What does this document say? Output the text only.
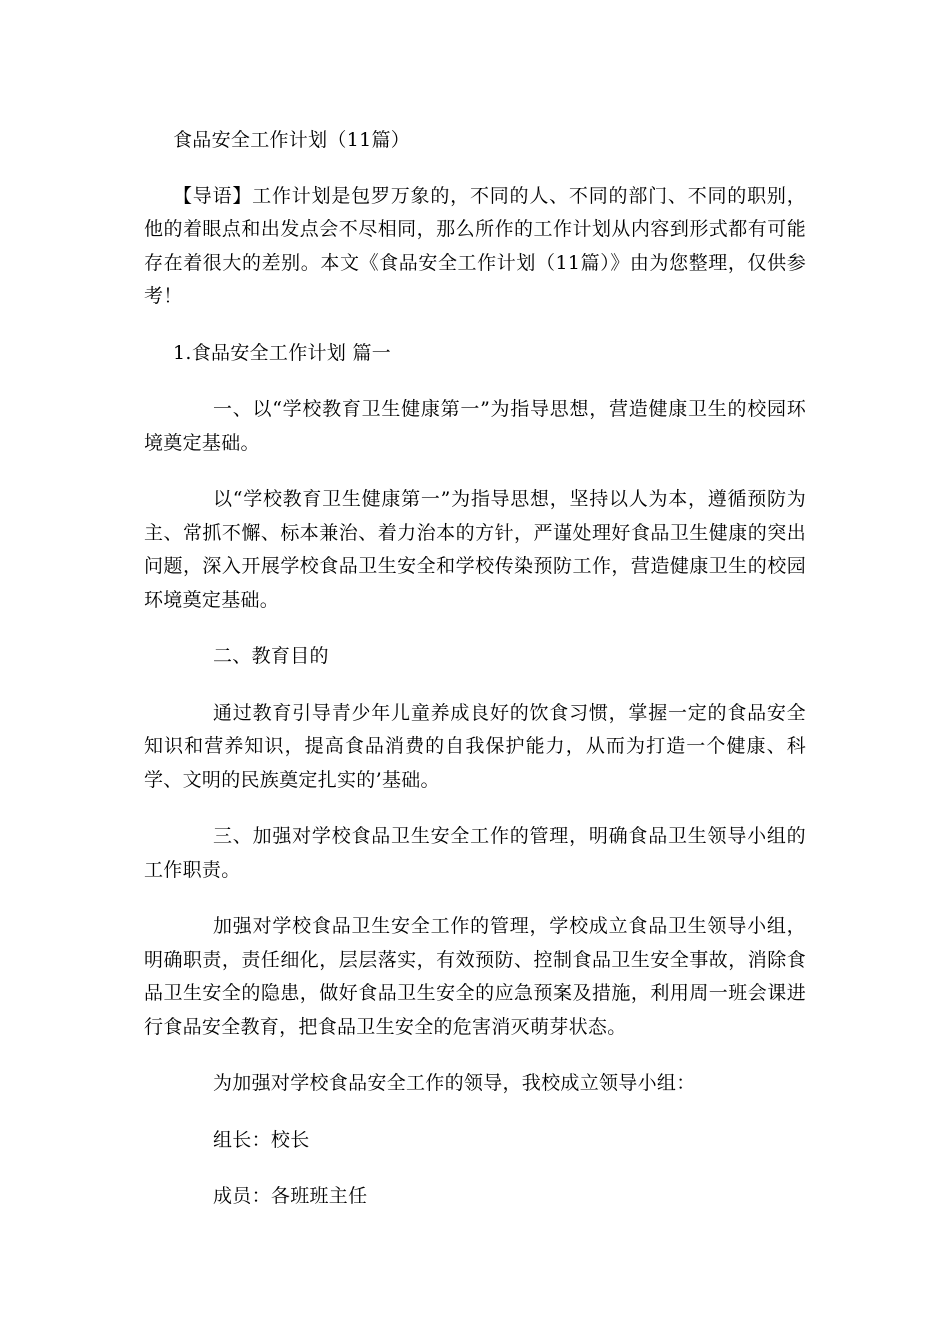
食品安全工作计划（11篇）

【导语】工作计划是包罗万象的，不同的人、不同的部门、不同的职别，他的着眼点和出发点会不尽相同，那么所作的工作计划从内容到形式都有可能存在着很大的差别。本文《食品安全工作计划（11篇）》由为您整理，仅供参考！

1.食品安全工作计划 篇一

一、以“学校教育卫生健康第一”为指导思想，营造健康卫生的校园环境奠定基础。

以“学校教育卫生健康第一”为指导思想，坚持以人为本，遵循预防为主、常抓不懈、标本兼治、着力治本的方针，严谨处理好食品卫生健康的突出问题，深入开展学校食品卫生安全和学校传染预防工作，营造健康卫生的校园环境奠定基础。

二、教育目的

通过教育引导青少年儿童养成良好的饮食习惯，掌握一定的食品安全知识和营养知识，提高食品消费的自我保护能力，从而为打造一个健康、科学、文明的民族奠定扎实的’基础。

三、加强对学校食品卫生安全工作的管理，明确食品卫生领导小组的工作职责。

加强对学校食品卫生安全工作的管理，学校成立食品卫生领导小组，明确职责，责任细化，层层落实，有效预防、控制食品卫生安全事故，消除食品卫生安全的隐患，做好食品卫生安全的应急预案及措施，利用周一班会课进行食品安全教育，把食品卫生安全的危害消灭萌芽状态。

为加强对学校食品安全工作的领导，我校成立领导小组：

组长：校长

成员：各班班主任
